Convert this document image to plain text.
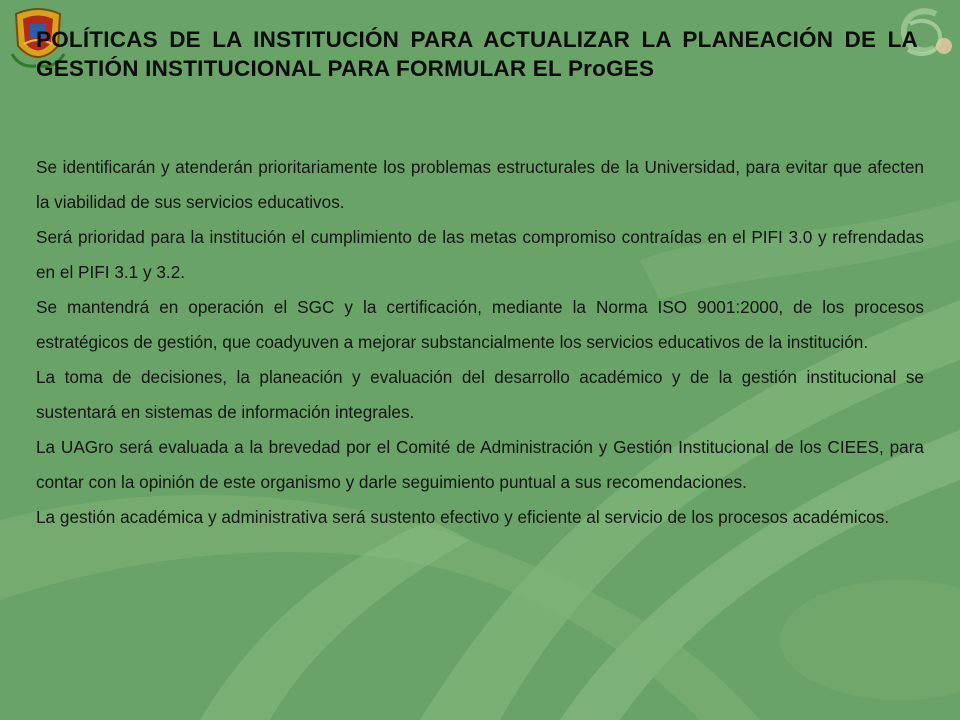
POLÍTICAS DE LA INSTITUCIÓN PARA ACTUALIZAR LA PLANEACIÓN DE LA GESTIÓN INSTITUCIONAL PARA FORMULAR EL ProGES

Se identificarán y atenderán prioritariamente los problemas estructurales de la Universidad, para evitar que afecten la viabilidad de sus servicios educativos.

Será prioridad para la institución el cumplimiento de las metas compromiso contraídas en el PIFI 3.0 y refrendadas en el PIFI 3.1 y 3.2.

Se mantendrá en operación el SGC y la certificación, mediante la Norma ISO 9001:2000, de los procesos estratégicos de gestión, que coadyuven a mejorar substancialmente los servicios educativos de la institución.

La toma de decisiones, la planeación y evaluación del desarrollo académico y de la gestión institucional se sustentará en sistemas de información integrales.

La UAGro será evaluada a la brevedad por el Comité de Administración y Gestión Institucional de los CIEES, para contar con la opinión de este organismo y darle seguimiento puntual a sus recomendaciones.

La gestión académica y administrativa será sustento efectivo y eficiente al servicio de los procesos académicos.
